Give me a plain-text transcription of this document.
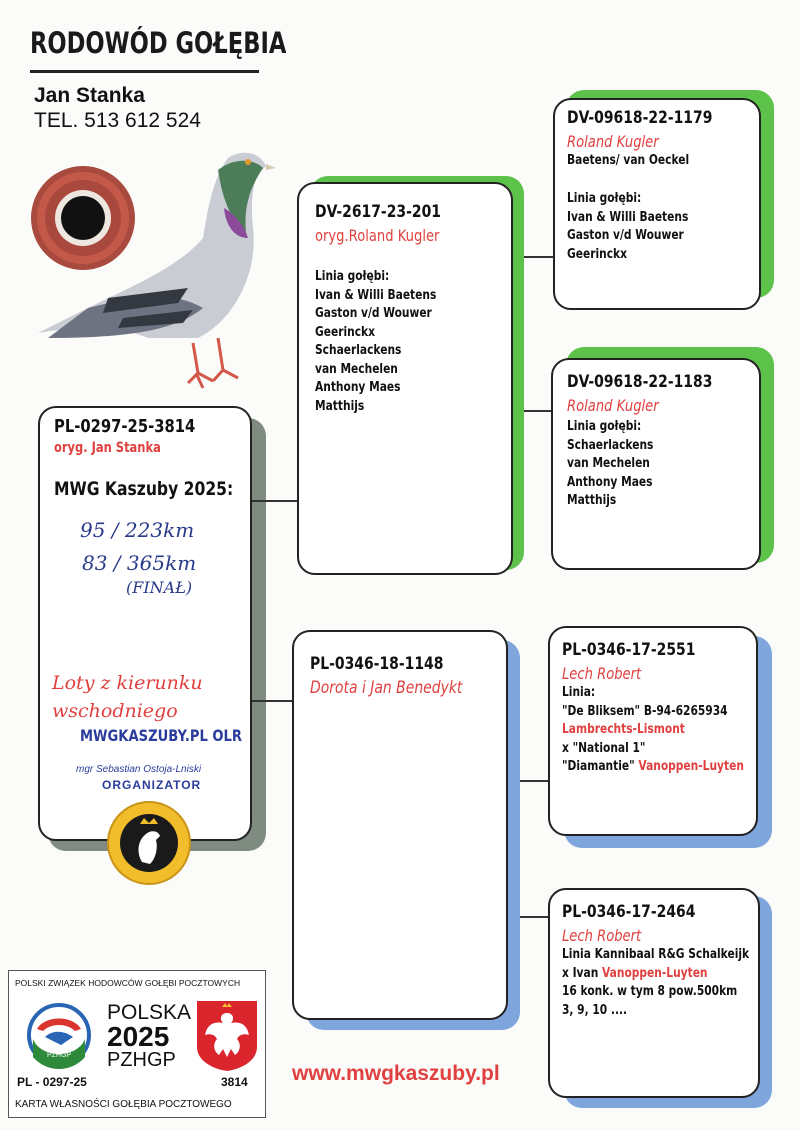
RODOWÓD GOŁĘBIA
Jan Stanka
TEL. 513 612 524
PL-0297-25-3814
oryg. Jan Stanka
MWG Kaszuby 2025:
95 / 223km
83 / 365km
(FINAŁ)
Loty z kierunku
wschodniego
MWGKASZUBY.PL OLR
mgr Sebastian Ostoja-Lniski
ORGANIZATOR
DV-2617-23-201
oryg.Roland Kugler
Linia gołębi:
Ivan & Willi Baetens
Gaston v/d Wouwer
Geerinckx
Schaerlackens
van Mechelen
Anthony Maes
Matthijs
DV-09618-22-1179
Roland Kugler
Baetens/ van Oeckel
Linia gołębi:
Ivan & Willi Baetens
Gaston v/d Wouwer
Geerinckx
DV-09618-22-1183
Roland Kugler
Linia gołębi:
Schaerlackens
van Mechelen
Anthony Maes
Matthijs
PL-0346-18-1148
Dorota i Jan Benedykt
PL-0346-17-2551
Lech Robert
Linia:
"De Bliksem" B-94-6265934
Lambrechts-Lismont
x "National 1"
"Diamantie" Vanoppen-Luyten
PL-0346-17-2464
Lech Robert
Linia Kannibaal R&G Schalkeijk
x Ivan Vanoppen-Luyten
16 konk. w tym 8 pow.500km
3, 9, 10 ....
www.mwgkaszuby.pl
POLSKI ZWIĄZEK HODOWCÓW GOŁĘBI POCZTOWYCH
PZHGP
POLSKA
2025
PZHGP
PL - 0297-25	3814
KARTA WŁASNOŚCI GOŁĘBIA POCZTOWEGO
